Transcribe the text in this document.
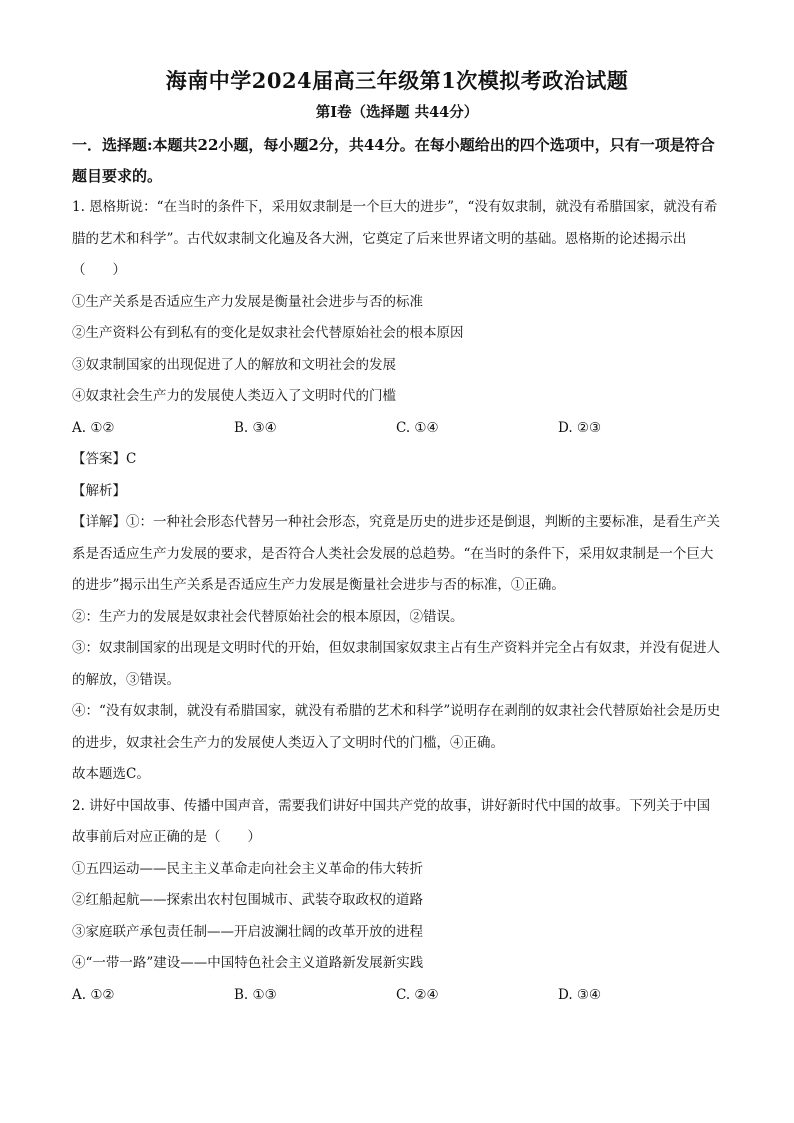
海南中学2024届高三年级第1次模拟考政治试题
第Ⅰ卷（选择题 共44分）
一．选择题:本题共22小题，每小题2分，共44分。在每小题给出的四个选项中，只有一项是符合题目要求的。

1. 恩格斯说：“在当时的条件下，采用奴隶制是一个巨大的进步”，“没有奴隶制，就没有希腊国家，就没有希腊的艺术和科学”。古代奴隶制文化遍及各大洲，它奠定了后来世界诸文明的基础。恩格斯的论述揭示出（　　）

①生产关系是否适应生产力发展是衡量社会进步与否的标准

②生产资料公有到私有的变化是奴隶社会代替原始社会的根本原因

③奴隶制国家的出现促进了人的解放和文明社会的发展

④奴隶社会生产力的发展使人类迈入了文明时代的门槛

A. ①②	B. ③④	C. ①④	D. ②③

【答案】C

【解析】

【详解】①：一种社会形态代替另一种社会形态，究竟是历史的进步还是倒退，判断的主要标准，是看生产关系是否适应生产力发展的要求，是否符合人类社会发展的总趋势。“在当时的条件下，采用奴隶制是一个巨大的进步”揭示出生产关系是否适应生产力发展是衡量社会进步与否的标准，①正确。

②：生产力的发展是奴隶社会代替原始社会的根本原因，②错误。

③：奴隶制国家的出现是文明时代的开始，但奴隶制国家奴隶主占有生产资料并完全占有奴隶，并没有促进人的解放，③错误。

④：“没有奴隶制，就没有希腊国家，就没有希腊的艺术和科学”说明存在剥削的奴隶社会代替原始社会是历史的进步，奴隶社会生产力的发展使人类迈入了文明时代的门槛，④正确。

故本题选C。

2. 讲好中国故事、传播中国声音，需要我们讲好中国共产党的故事，讲好新时代中国的故事。下列关于中国故事前后对应正确的是（　　）

①五四运动——民主主义革命走向社会主义革命的伟大转折

②红船起航——探索出农村包围城市、武装夺取政权的道路

③家庭联产承包责任制——开启波澜壮阔的改革开放的进程

④“一带一路”建设——中国特色社会主义道路新发展新实践

A. ①②	B. ①③	C. ②④	D. ③④
